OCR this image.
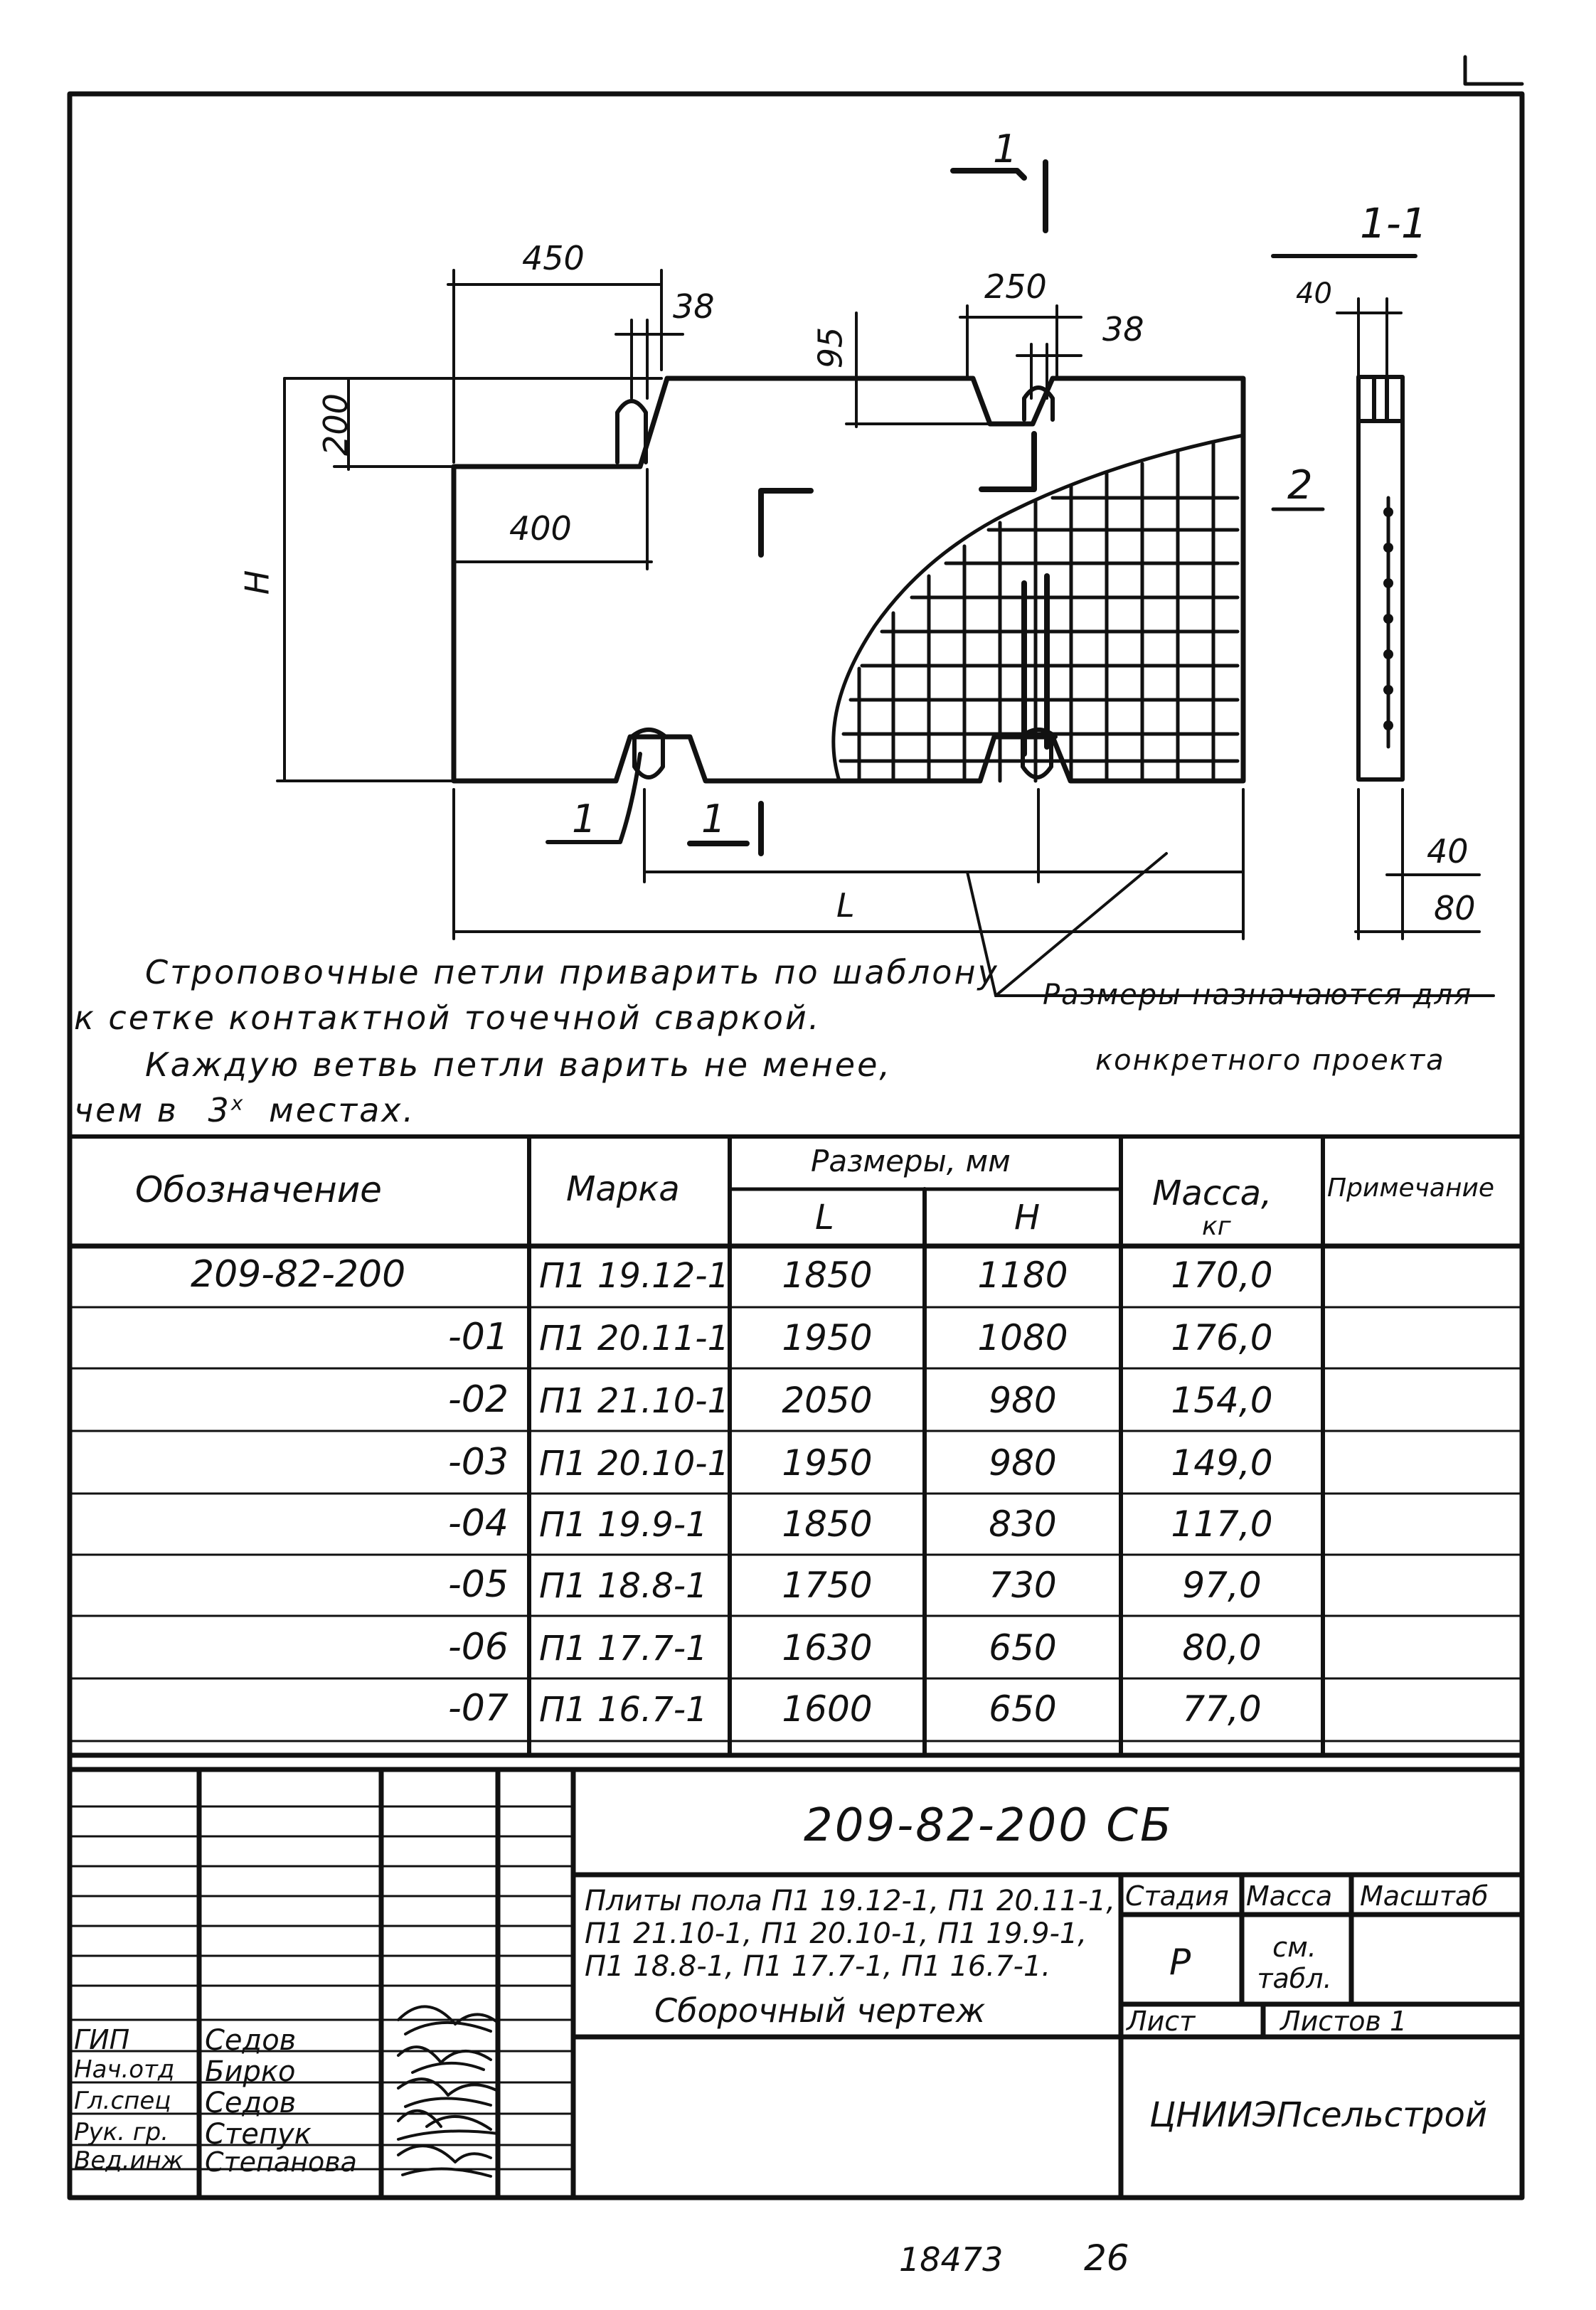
450
38
95
250
38
200
400
H
L
40
40
80
1-1
1
1	1
2
Строповочные петли приварить по шаблону
к сетке контактной точечной сваркой.
Каждую ветвь петли варить не менее,
чем в 3$^x$ местах.
Размеры назначаются для
конкретного проекта
Обозначение	Марка
Размеры, мм
L	H
Масса,
кг
Примечание
209-82-200	П1 19.12-1	1850	1180	170,0
-01 П1 20.11-1	1950	1080	176,0
-02 П1 21.10-1	2050	980	154,0
-03 П1 20.10-1	1950	980	149,0
-04 П1 19.9-1	1850	830	117,0
-05 П1 18.8-1	1750	730	97,0
-06 П1 17.7-1	1630	650	80,0
-07 П1 16.7-1	1600	650	77,0
209-82-200 СБ
Плиты пола П1 19.12-1, П1 20.11-1,
П1 21.10-1, П1 20.10-1, П1 19.9-1,
П1 18.8-1, П1 17.7-1, П1 16.7-1.
Сборочный чертеж
Стадия
Р
Масса
см. табл.
Масштаб
Лист	Листов 1
ЦНИИЭПсельстрой
ГИП	Седов
Нач.отд Бирко
Гл.спец Седов
Рук. гр. Степук
Вед.инж Степанова
18473 26
